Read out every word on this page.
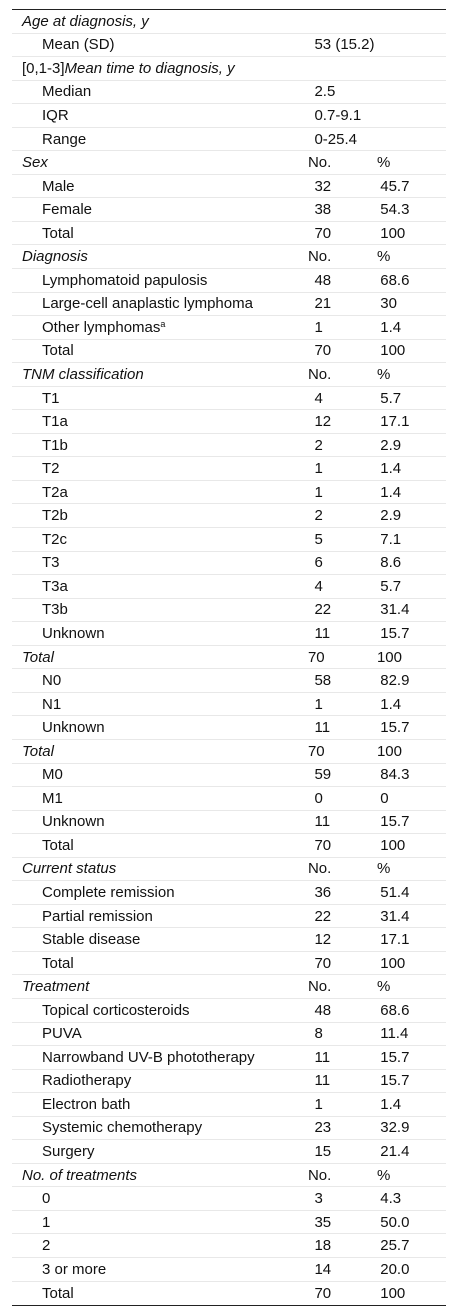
Age at diagnosis, y
Mean (SD)	53 (15.2)
[0,1-3]Mean time to diagnosis, y
Median	2.5
IQR	0.7-9.1
Range	0-25.4
Sex	No.	%
Male	32	45.7
Female	38	54.3
Total	70	100
Diagnosis	No.	%
Lymphomatoid papulosis	48	68.6
Large-cell anaplastic lymphoma	21	30
Other lymphomas$^a$	1	1.4
Total	70	100
TNM classification	No.	%
T1	4	5.7
T1a	12	17.1
T1b	2	2.9
T2	1	1.4
T2a	1	1.4
T2b	2	2.9
T2c	5	7.1
T3	6	8.6
T3a	4	5.7
T3b	22	31.4
Unknown	11	15.7
Total	70	100
N0	58	82.9
N1	1	1.4
Unknown	11	15.7
Total	70	100
M0	59	84.3
M1	0	0
Unknown	11	15.7
Total	70	100
Current status	No.	%
Complete remission	36	51.4
Partial remission	22	31.4
Stable disease	12	17.1
Total	70	100
Treatment	No.	%
Topical corticosteroids	48	68.6
PUVA	8	11.4
Narrowband UV-B phototherapy	11	15.7
Radiotherapy	11	15.7
Electron bath	1	1.4
Systemic chemotherapy	23	32.9
Surgery	15	21.4
No. of treatments	No.	%
0	3	4.3
1	35	50.0
2	18	25.7
3 or more	14	20.0
Total	70	100
